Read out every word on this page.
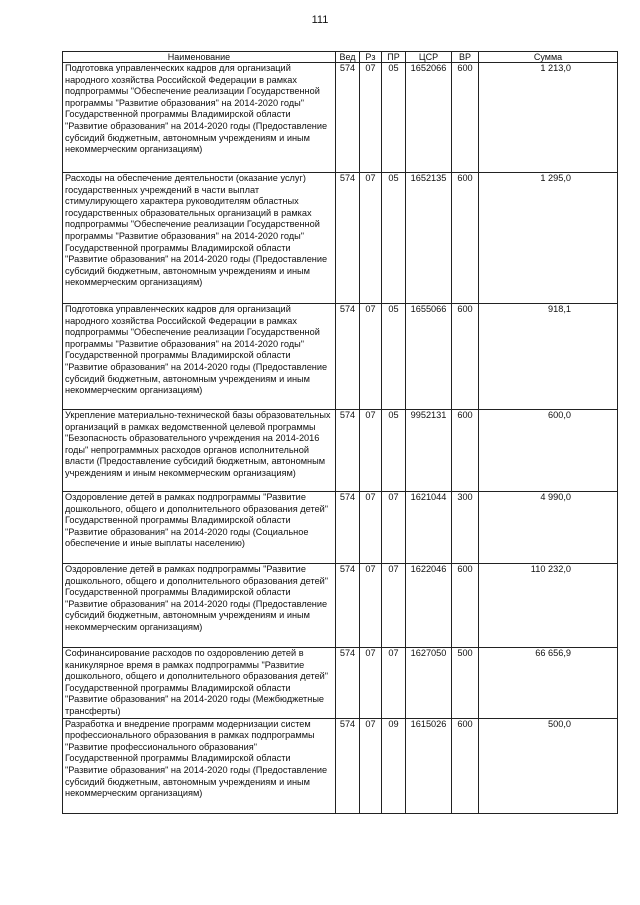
111
Наименование	Вед	Рз	ПР	ЦСР	ВР	Сумма
Подготовка управленческих кадров для организаций народного хозяйства Российской Федерации в рамках подпрограммы "Обеспечение реализации Государственной программы "Развитие образования" на 2014-2020 годы" Государственной программы Владимирской области "Развитие образования" на 2014-2020 годы (Предоставление субсидий бюджетным, автономным учреждениям и иным некоммерческим организациям)	574	07	05	1652066	600	1 213,0
Расходы на обеспечение деятельности (оказание услуг) государственных учреждений в части выплат стимулирующего характера руководителям областных государственных образовательных организаций в рамках подпрограммы "Обеспечение реализации Государственной программы "Развитие образования" на 2014-2020 годы" Государственной программы Владимирской области "Развитие образования" на 2014-2020 годы (Предоставление субсидий бюджетным, автономным учреждениям и иным некоммерческим организациям)	574	07	05	1652135	600	1 295,0
Подготовка управленческих кадров для организаций народного хозяйства Российской Федерации в рамках подпрограммы "Обеспечение реализации Государственной программы "Развитие образования" на 2014-2020 годы" Государственной программы Владимирской области "Развитие образования" на 2014-2020 годы (Предоставление субсидий бюджетным, автономным учреждениям и иным некоммерческим организациям)	574	07	05	1655066	600	918,1
Укрепление материально-технической базы образовательных организаций в рамках ведомственной целевой программы "Безопасность образовательного учреждения на 2014-2016 годы" непрограммных расходов органов исполнительной власти (Предоставление субсидий бюджетным, автономным учреждениям и иным некоммерческим организациям)	574	07	05	9952131	600	600,0
Оздоровление детей в рамках подпрограммы "Развитие дошкольного, общего и дополнительного образования детей" Государственной программы Владимирской области "Развитие образования" на 2014-2020 годы (Социальное обеспечение и иные выплаты населению)	574	07	07	1621044	300	4 990,0
Оздоровление детей в рамках подпрограммы "Развитие дошкольного, общего и дополнительного образования детей" Государственной программы Владимирской области "Развитие образования" на 2014-2020 годы (Предоставление субсидий бюджетным, автономным учреждениям и иным некоммерческим организациям)	574	07	07	1622046	600	110 232,0
Софинансирование расходов по оздоровлению детей в каникулярное время в рамках подпрограммы "Развитие дошкольного, общего и дополнительного образования детей" Государственной программы Владимирской области "Развитие образования" на 2014-2020 годы (Межбюджетные трансферты)	574	07	07	1627050	500	66 656,9
Разработка и внедрение программ модернизации систем профессионального образования в рамках подпрограммы "Развитие профессионального образования" Государственной программы Владимирской области "Развитие образования" на 2014-2020 годы (Предоставление субсидий бюджетным, автономным учреждениям и иным некоммерческим организациям)	574	07	09	1615026	600	500,0
